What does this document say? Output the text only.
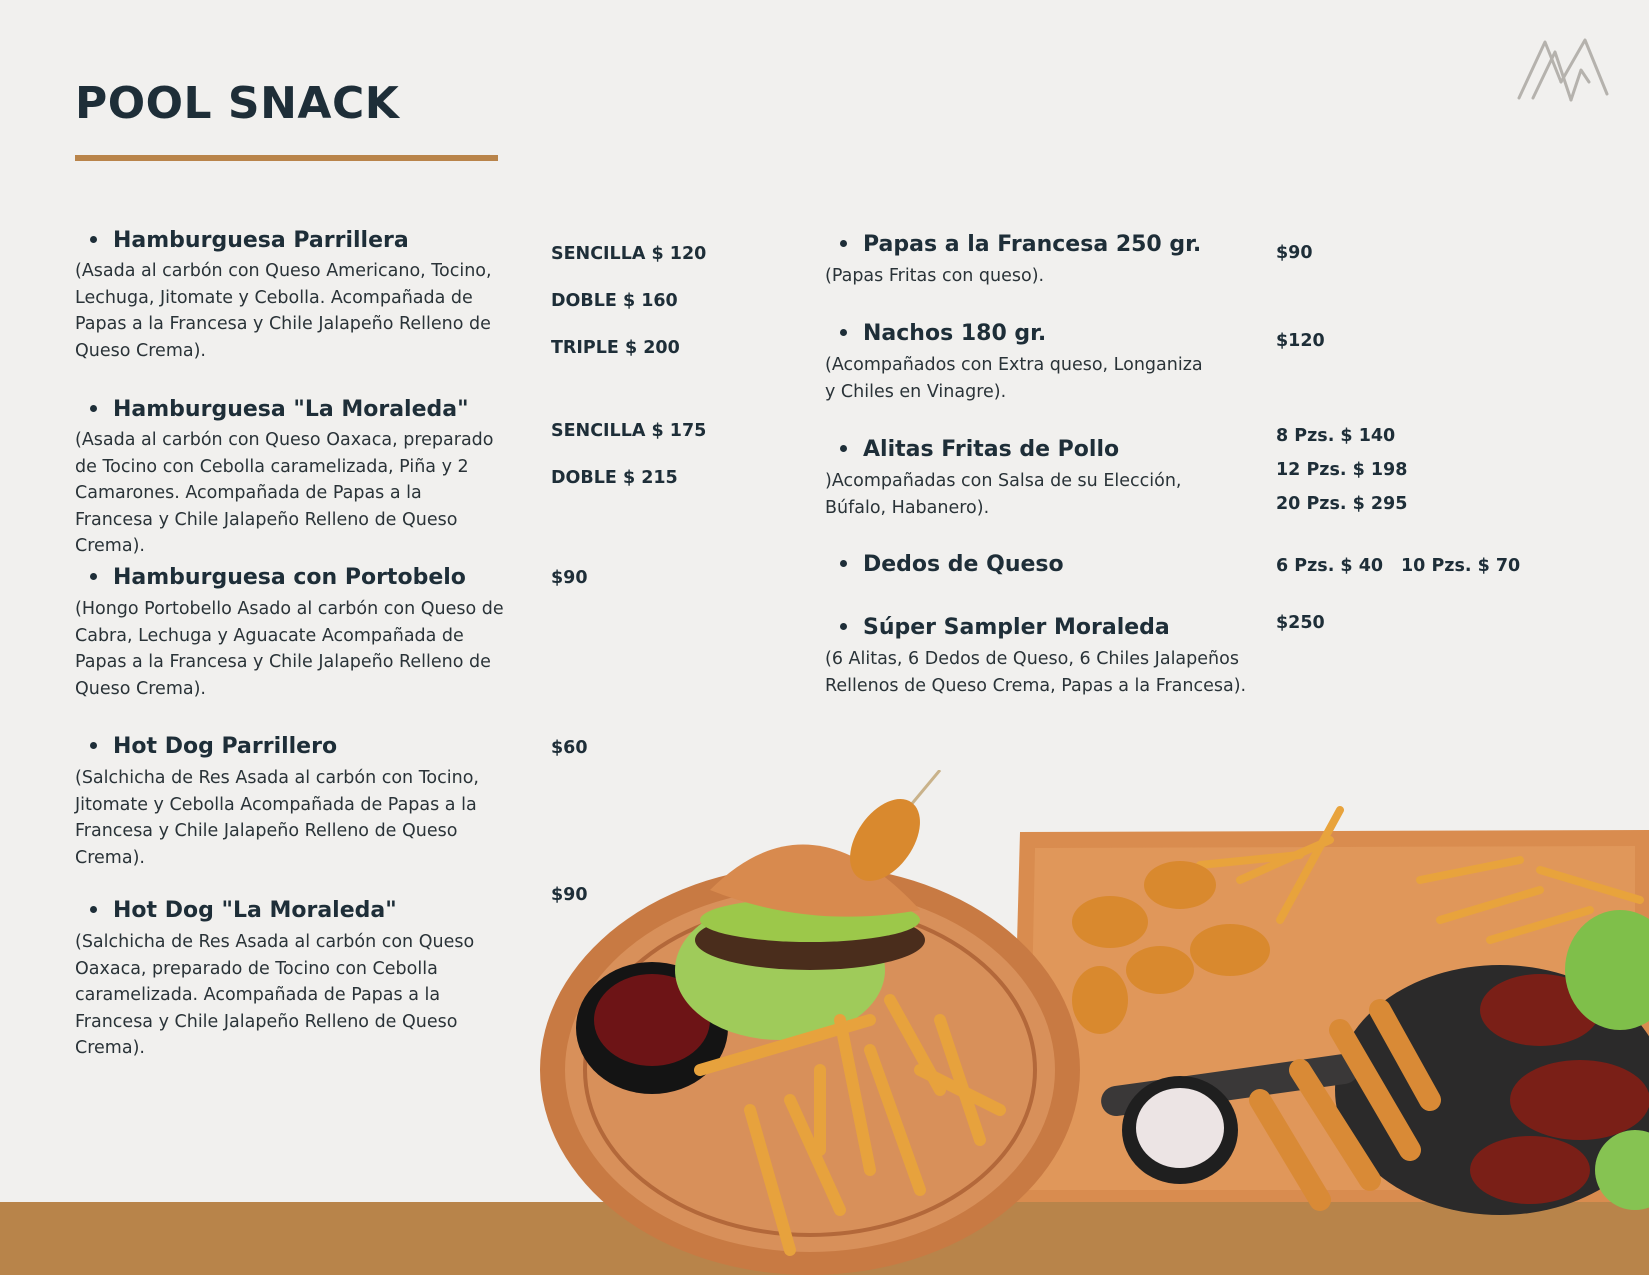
POOL SNACK
Hamburguesa Parrillera

(Asada al carbón con Queso Americano, Tocino, Lechuga, Jitomate y Cebolla. Acompañada de Papas a la Francesa y Chile Jalapeño Relleno de Queso Crema).

SENCILLA $ 120
DOBLE $ 160
TRIPLE $ 200
Hamburguesa "La Moraleda"

(Asada al carbón con Queso Oaxaca, preparado de Tocino con Cebolla caramelizada, Piña y 2 Camarones. Acompañada de Papas a la Francesa y Chile Jalapeño Relleno de Queso Crema).

SENCILLA $ 175
DOBLE $ 215
Hamburguesa con Portobelo

(Hongo Portobello Asado al carbón con Queso de Cabra, Lechuga y Aguacate Acompañada de Papas a la Francesa y Chile Jalapeño Relleno de Queso Crema).

$90
Hot Dog Parrillero

(Salchicha de Res Asada al carbón con Tocino, Jitomate y Cebolla Acompañada de Papas a la Francesa y Chile Jalapeño Relleno de Queso Crema).

$60
Hot Dog "La Moraleda"

(Salchicha de Res Asada al carbón con Queso Oaxaca, preparado de Tocino con Cebolla caramelizada. Acompañada de Papas a la Francesa y Chile Jalapeño Relleno de Queso Crema).

$90
Papas a la Francesa 250 gr.

(Papas Fritas con queso).

$90
Nachos 180 gr.

(Acompañados con Extra queso, Longaniza y Chiles en Vinagre).

$120
Alitas Fritas de Pollo

)Acompañadas con Salsa de su Elección, Búfalo, Habanero).

8 Pzs. $ 140
12 Pzs. $ 198
20 Pzs. $ 295
Dedos de Queso	6 Pzs. $ 40 10 Pzs. $ 70
Súper Sampler Moraleda

(6 Alitas, 6 Dedos de Queso, 6 Chiles Jalapeños Rellenos de Queso Crema, Papas a la Francesa).

$250
